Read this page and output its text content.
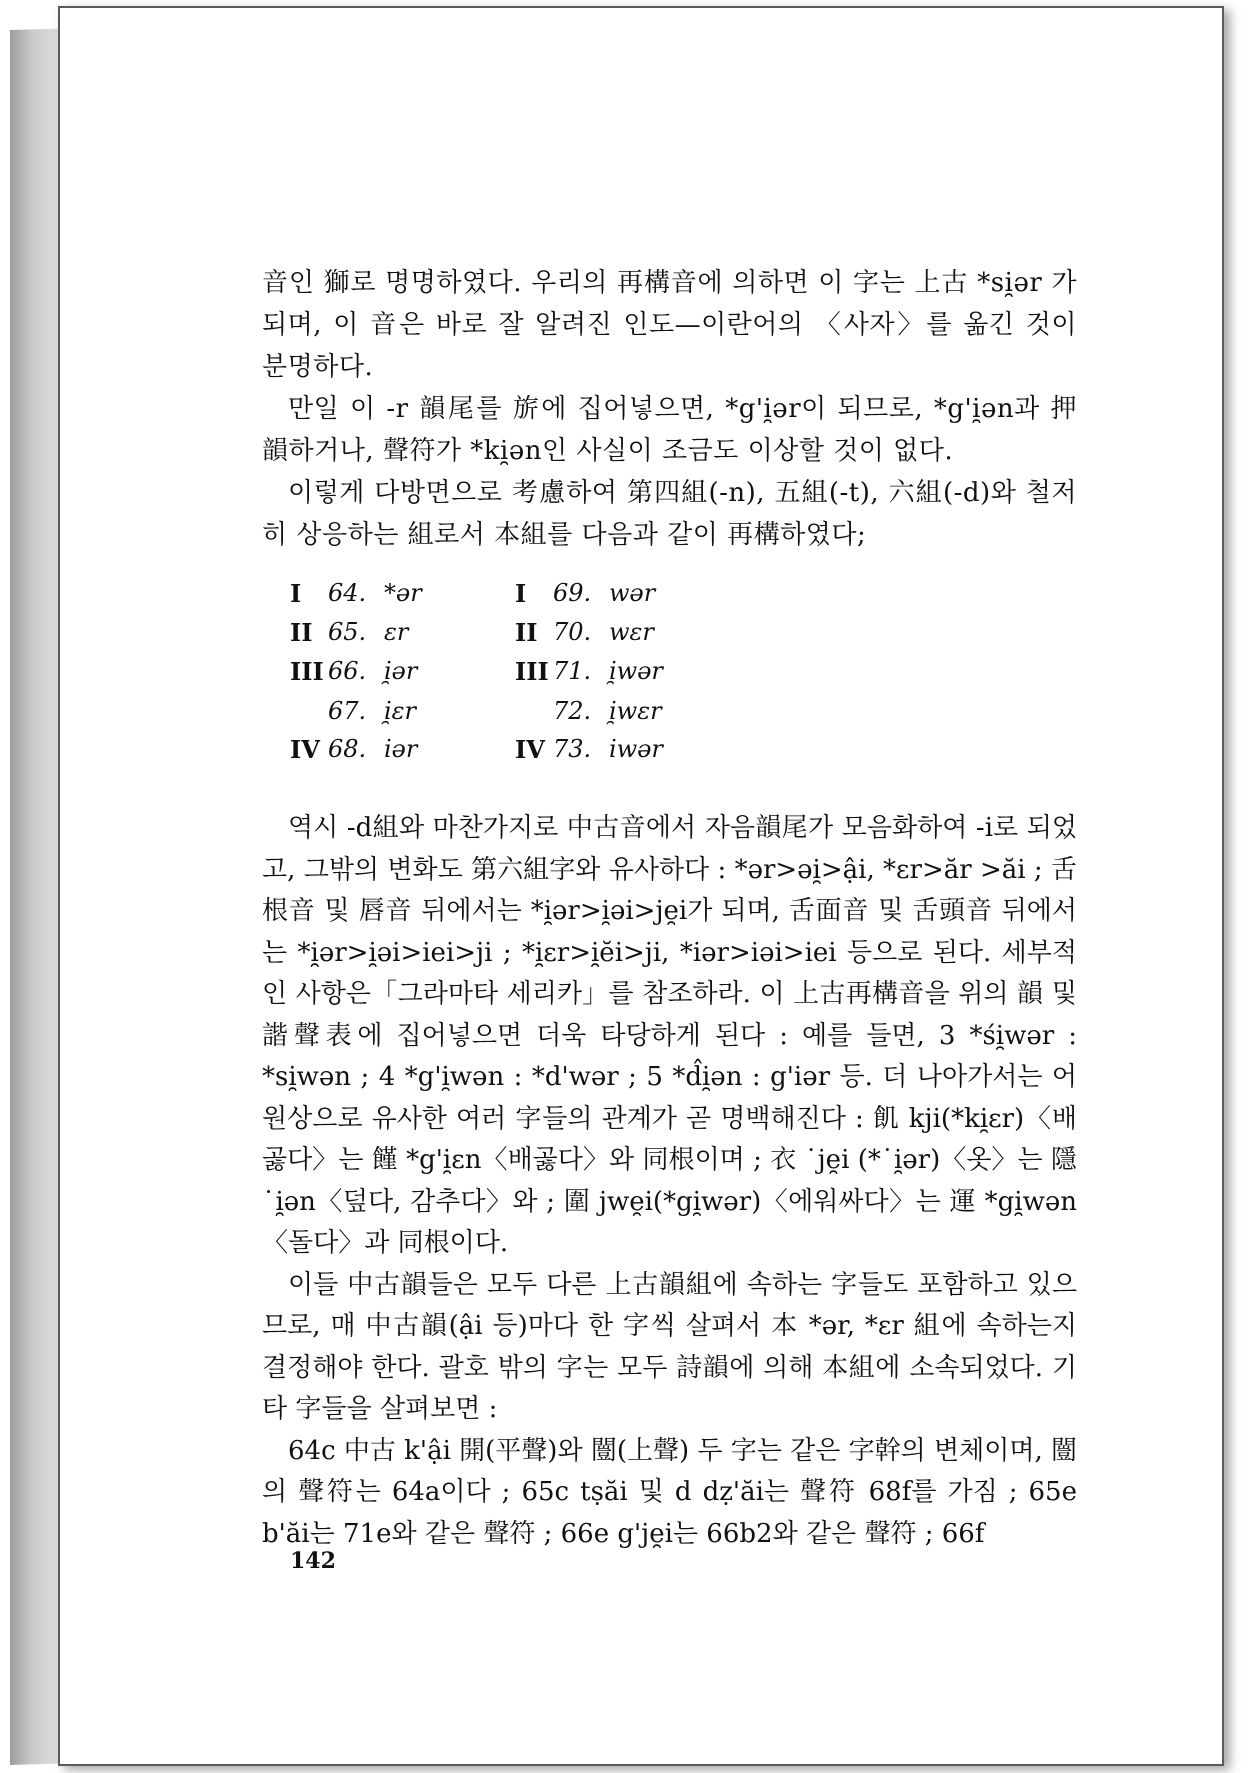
音인 獅로 명명하였다. 우리의 再構音에 의하면 이 字는 上古 *si̯ər 가 되며, 이 音은 바로 잘 알려진 인도—이란어의 〈사자〉를 옮긴 것이 분명하다.

만일 이 -r 韻尾를 旂에 집어넣으면, *g'i̯ər이 되므로, *g'i̯ən과 押韻하거나, 聲符가 *ki̯ən인 사실이 조금도 이상할 것이 없다.

이렇게 다방면으로 考慮하여 第四組(-n), 五組(-t), 六組(-d)와 철저히 상응하는 組로서 本組를 다음과 같이 再構하였다;

I	64. *ər	I	69. wər
II 65. ɛr	II 70. wɛr
III 66. i̯ər	III 71. i̯wər
67. i̯ɛr	72. i̯wɛr
IV 68. iər	IV 73. iwər

역시 -d組와 마찬가지로 中古音에서 자음韻尾가 모음화하여 -i로 되었고, 그밖의 변화도 第六組字와 유사하다 : *ər>əi̯>ậi, *ɛr>ăr >ăi ; 舌根音 및 唇音 뒤에서는 *i̯ər>i̯əi>je̯i가 되며, 舌面音 및 舌頭音 뒤에서는 *i̯ər>i̯əi>iei>ji ; *i̯ɛr>i̯ĕi>ji, *iər>iəi>iei 등으로 된다. 세부적인 사항은「그라마타 세리카」를 참조하라. 이 上古再構音을 위의 韻 및 諧聲表에 집어넣으면 더욱 타당하게 된다 : 예를 들면, 3 *śi̯wər : *si̯wən ; 4 *g'i̯wən : *d'wər ; 5 *d̂i̯ən : g'iər 등. 더 나아가서는 어원상으로 유사한 여러 字들의 관계가 곧 명백해진다 : 飢 kji(*ki̯ɛr)〈배곯다〉는 饉 *g'i̯ɛn〈배곯다〉와 同根이며 ; 衣 ˙je̯i (*˙i̯ər)〈옷〉는 隱 ˙i̯ən〈덮다, 감추다〉와 ; 圍 jwe̯i(*gi̯wər)〈에워싸다〉는 運 *gi̯wən〈돌다〉과 同根이다.

이들 中古韻들은 모두 다른 上古韻組에 속하는 字들도 포함하고 있으므로, 매 中古韻(ậi 등)마다 한 字씩 살펴서 本 *ər, *ɛr 組에 속하는지 결정해야 한다. 괄호 밖의 字는 모두 詩韻에 의해 本組에 소속되었다. 기타 字들을 살펴보면 :

64c 中古 k'ậi 開(平聲)와 闓(上聲) 두 字는 같은 字幹의 변체이며, 闓의 聲符는 64a이다 ; 65c tṣăi 및 d dẓ'ăi는 聲符 68f를 가짐 ; 65e b'ăi는 71e와 같은 聲符 ; 66e g'je̯i는 66b2와 같은 聲符 ; 66f

142
